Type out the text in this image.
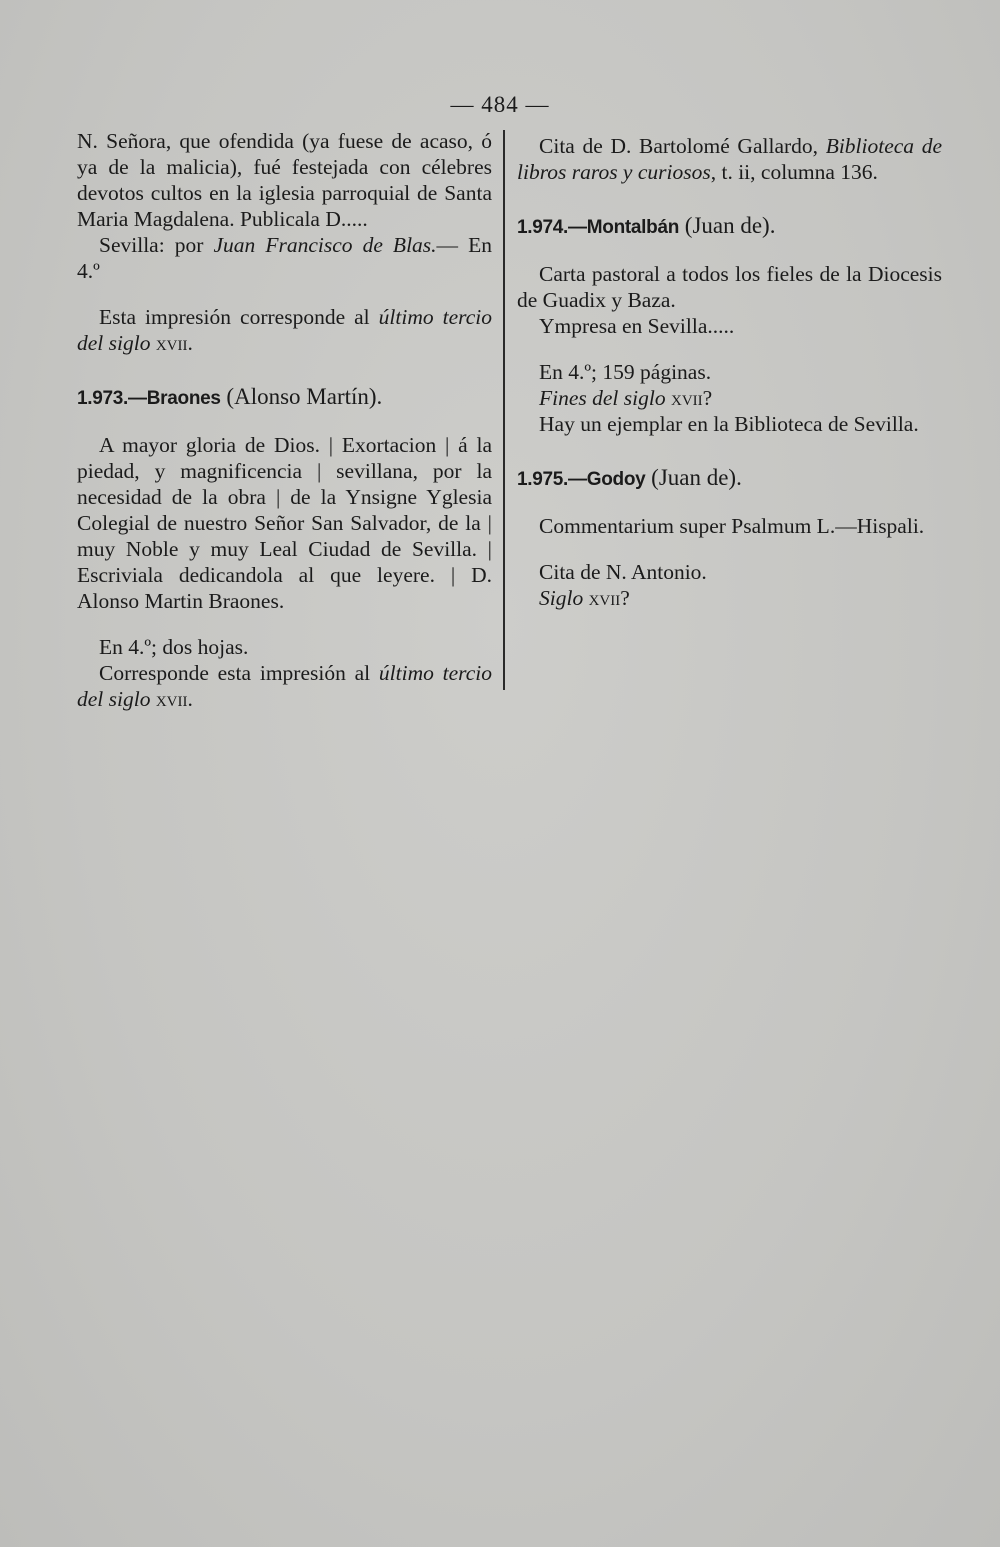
— 484 —

N. Señora, que ofendida (ya fuese de acaso, ó ya de la malicia), fué festejada con célebres devotos cultos en la iglesia parroquial de Santa Maria Magdalena. Publicala D.....

Sevilla: por Juan Francisco de Blas.— En 4.º

Esta impresión corresponde al último tercio del siglo xvii.

1.973.—Braones (Alonso Martín).

A mayor gloria de Dios. | Exortacion | á la piedad, y magnificencia | sevillana, por la necesidad de la obra | de la Ynsigne Yglesia Colegial de nuestro Señor San Salvador, de la | muy Noble y muy Leal Ciudad de Sevilla. | Escriviala dedicandola al que leyere. | D. Alonso Martin Braones.

En 4.º; dos hojas.

Corresponde esta impresión al último tercio del siglo xvii.

Cita de D. Bartolomé Gallardo, Biblioteca de libros raros y curiosos, t. ii, columna 136.

1.974.—Montalbán (Juan de).

Carta pastoral a todos los fieles de la Diocesis de Guadix y Baza.

Ympresa en Sevilla.....

En 4.º; 159 páginas.

Fines del siglo xvii?

Hay un ejemplar en la Biblioteca de Sevilla.

1.975.—Godoy (Juan de).

Commentarium super Psalmum L.—Hispali.

Cita de N. Antonio.

Siglo xvii?
